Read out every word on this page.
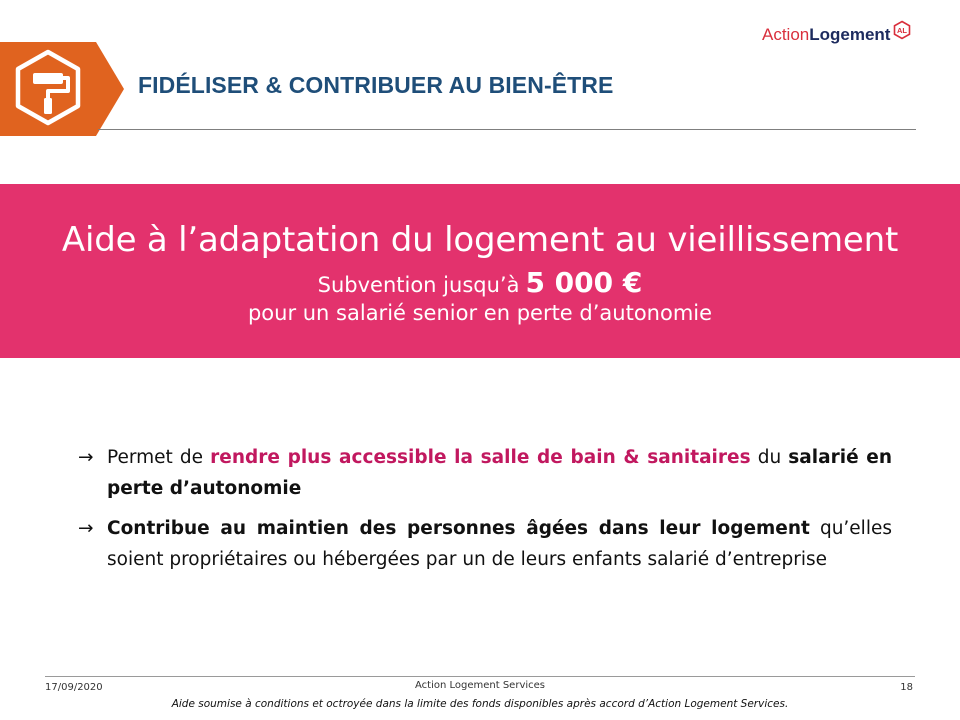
FIDÉLISER & CONTRIBUER AU BIEN-ÊTRE
ActionLogement AL
Aide à l’adaptation du logement au vieillissement
Subvention jusqu’à 5 000 €
pour un salarié senior en perte d’autonomie
→ Permet de rendre plus accessible la salle de bain & sanitaires du salarié en perte d’autonomie
→ Contribue au maintien des personnes âgées dans leur logement qu’elles soient propriétaires ou hébergées par un de leurs enfants salarié d’entreprise
17/09/2020	Action Logement Services	18
Aide soumise à conditions et octroyée dans la limite des fonds disponibles après accord d’Action Logement Services.
